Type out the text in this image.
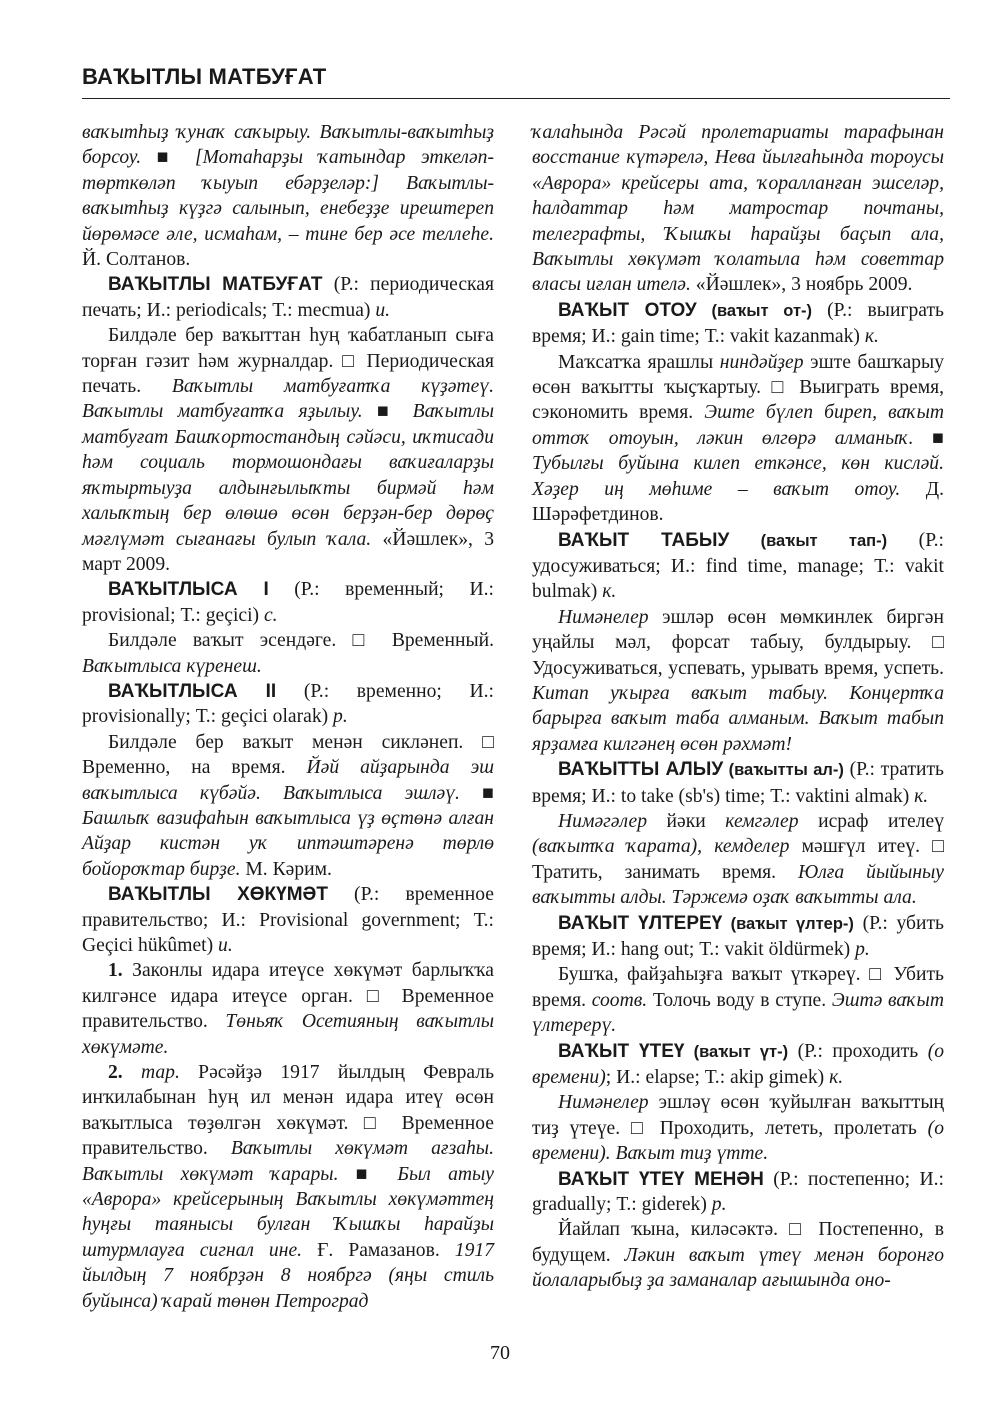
ВАҠЫТЛЫ МАТБУҒАТ

ваҡытһыҙ ҡунаҡ саҡырыу. Ваҡытлы-ваҡытһыҙ борсоу. ■ [Мотаһарҙы ҡатындар эткеләп-төрткөләп ҡыуып ебәрҙеләр:] Ваҡытлы-ваҡытһыҙ күҙгә салынып, енебеҙҙе ирештереп йөрөмәсе әле, исмаһам, – тине бер әсе теллеһе. Й. Солтанов.

ВАҠЫТЛЫ МАТБУҒАТ (Р.: периодическая печать; И.: periodicals; Т.: mecmua) и.

Билдәле бер ваҡыттан һуң ҡабатланып сыға торған гәзит һәм журналдар. □ Периодическая печать. Ваҡытлы матбуғатҡа күҙәтеү. Ваҡытлы матбуғатҡа яҙылыу. ■ Ваҡытлы матбуғат Башҡортостандың сәйәси, иҡтисади һәм социаль тормошондағы ваҡиғаларҙы яҡтыртыуҙа алдынғылыҡты бирмәй һәм халыҡтың бер өлөшө өсөн берҙән-бер дөрөҫ мәғлүмәт сығанағы булып ҡала. «Йәшлек», 3 март 2009.

ВАҠЫТЛЫСА I (Р.: временный; И.: provisional; Т.: geçici) с.

Билдәле ваҡыт эсендәге. □ Временный. Ваҡытлыса күренеш.

ВАҠЫТЛЫСА II (Р.: временно; И.: provisionally; Т.: geçici olarak) р.

Билдәле бер ваҡыт менән сикләнеп. □ Временно, на время. Йәй айҙарында эш ваҡытлыса күбәйә. Ваҡытлыса эшләү. ■ Башлыҡ вазифаһын ваҡытлыса үҙ өҫтөнә алған Айҙар кистән уҡ иптәштәренә төрлө бойороҡтар бирҙе. М. Кәрим.

ВАҠЫТЛЫ ХӨКҮМӘТ (Р.: временное правительство; И.: Provisional government; Т.: Geçici hükûmet) и.

1. Законлы идара итеүсе хөкүмәт барлыҡҡа килгәнсе идара итеүсе орган. □ Временное правительство. Төньяҡ Осетияның ваҡытлы хөкүмәте.

2. тар. Рәсәйҙә 1917 йылдың Февраль инҡилабынан һуң ил менән идара итеү өсөн ваҡытлыса төҙөлгән хөкүмәт. □ Временное правительство. Ваҡытлы хөкүмәт ағзаһы. Ваҡытлы хөкүмәт ҡарары. ■ Был атыу «Аврора» крейсерының Ваҡытлы хөкүмәттең һуңғы таянысы булған Ҡышҡы һарайҙы штурмлауға сигнал ине. Ғ. Рамазанов. 1917 йылдың 7 ноябрҙән 8 ноябргә (яңы стиль буйынса) ҡарай төнөн Петроград

ҡалаһында Рәсәй пролетариаты тарафынан восстание күтәрелә, Нева йылғаһында тороусы «Аврора» крейсеры ата, ҡоралланған эшселәр, һалдаттар һәм матростар почтаны, телеграфты, Ҡышҡы һарайҙы баҫып ала, Ваҡытлы хөкүмәт ҡолатыла һәм советтар власы иғлан ителә. «Йәшлек», 3 ноябрь 2009.

ВАҠЫТ ОТОУ (ваҡыт от-) (Р.: выиграть время; И.: gain time; Т.: vakit kazanmak) к.

Маҡсатҡа ярашлы ниндәйҙер эште башҡарыу өсөн ваҡытты ҡыҫҡартыу. □ Выиграть время, сэкономить время. Эште бүлеп биреп, ваҡыт оттоҡ отоуын, ләкин өлгөрә алманыҡ. ■ Тубылғы буйына килеп еткәнсе, көн кисләй. Хәҙер иң мөһиме – ваҡыт отоу. Д. Шәрәфетдинов.

ВАҠЫТ ТАБЫУ (ваҡыт тап-) (Р.: удосуживаться; И.: find time, manage; Т.: vakit bulmak) к.

Нимәнелер эшләр өсөн мөмкинлек биргән уңайлы мәл, форсат табыу, булдырыу. □ Удосуживаться, успевать, урывать время, успеть. Китап уҡырға ваҡыт табыу. Концертҡа барырға ваҡыт таба алманым. Ваҡыт табып ярҙамға килгәнең өсөн рәхмәт!

ВАҠЫТТЫ АЛЫУ (ваҡытты ал-) (Р.: тратить время; И.: to take (sb's) time; Т.: vaktini almak) к.

Нимәгәлер йәки кемгәлер исраф ителеү (ваҡытҡа ҡарата), кемделер мәшғүл итеү. □ Тратить, занимать время. Юлға йыйыныу ваҡытты алды. Тәржемә оҙаҡ ваҡытты ала.

ВАҠЫТ ҮЛТЕРЕҮ (ваҡыт үлтер-) (Р.: убить время; И.: hang out; Т.: vakit öldürmek) р.

Бушҡа, файҙаһыҙға ваҡыт үткәреү. □ Убить время. соотв. Толочь воду в ступе. Эштә ваҡыт үлтерерү.

ВАҠЫТ ҮТЕҮ (ваҡыт үт-) (Р.: проходить (о времени); И.: elapse; Т.: akip gimek) к.

Нимәнелер эшләү өсөн ҡуйылған ваҡыттың тиҙ үтеүе. □ Проходить, лететь, пролетать (о времени). Ваҡыт тиҙ үтте.

ВАҠЫТ ҮТЕҮ МЕНӘН (Р.: постепенно; И.: gradually; Т.: giderek) р.

Йайлап ҡына, киләсәктә. □ Постепенно, в будущем. Ләкин ваҡыт үтеү менән боронғо йолаларыбыҙ ҙа заманалар ағышында оно-

70
